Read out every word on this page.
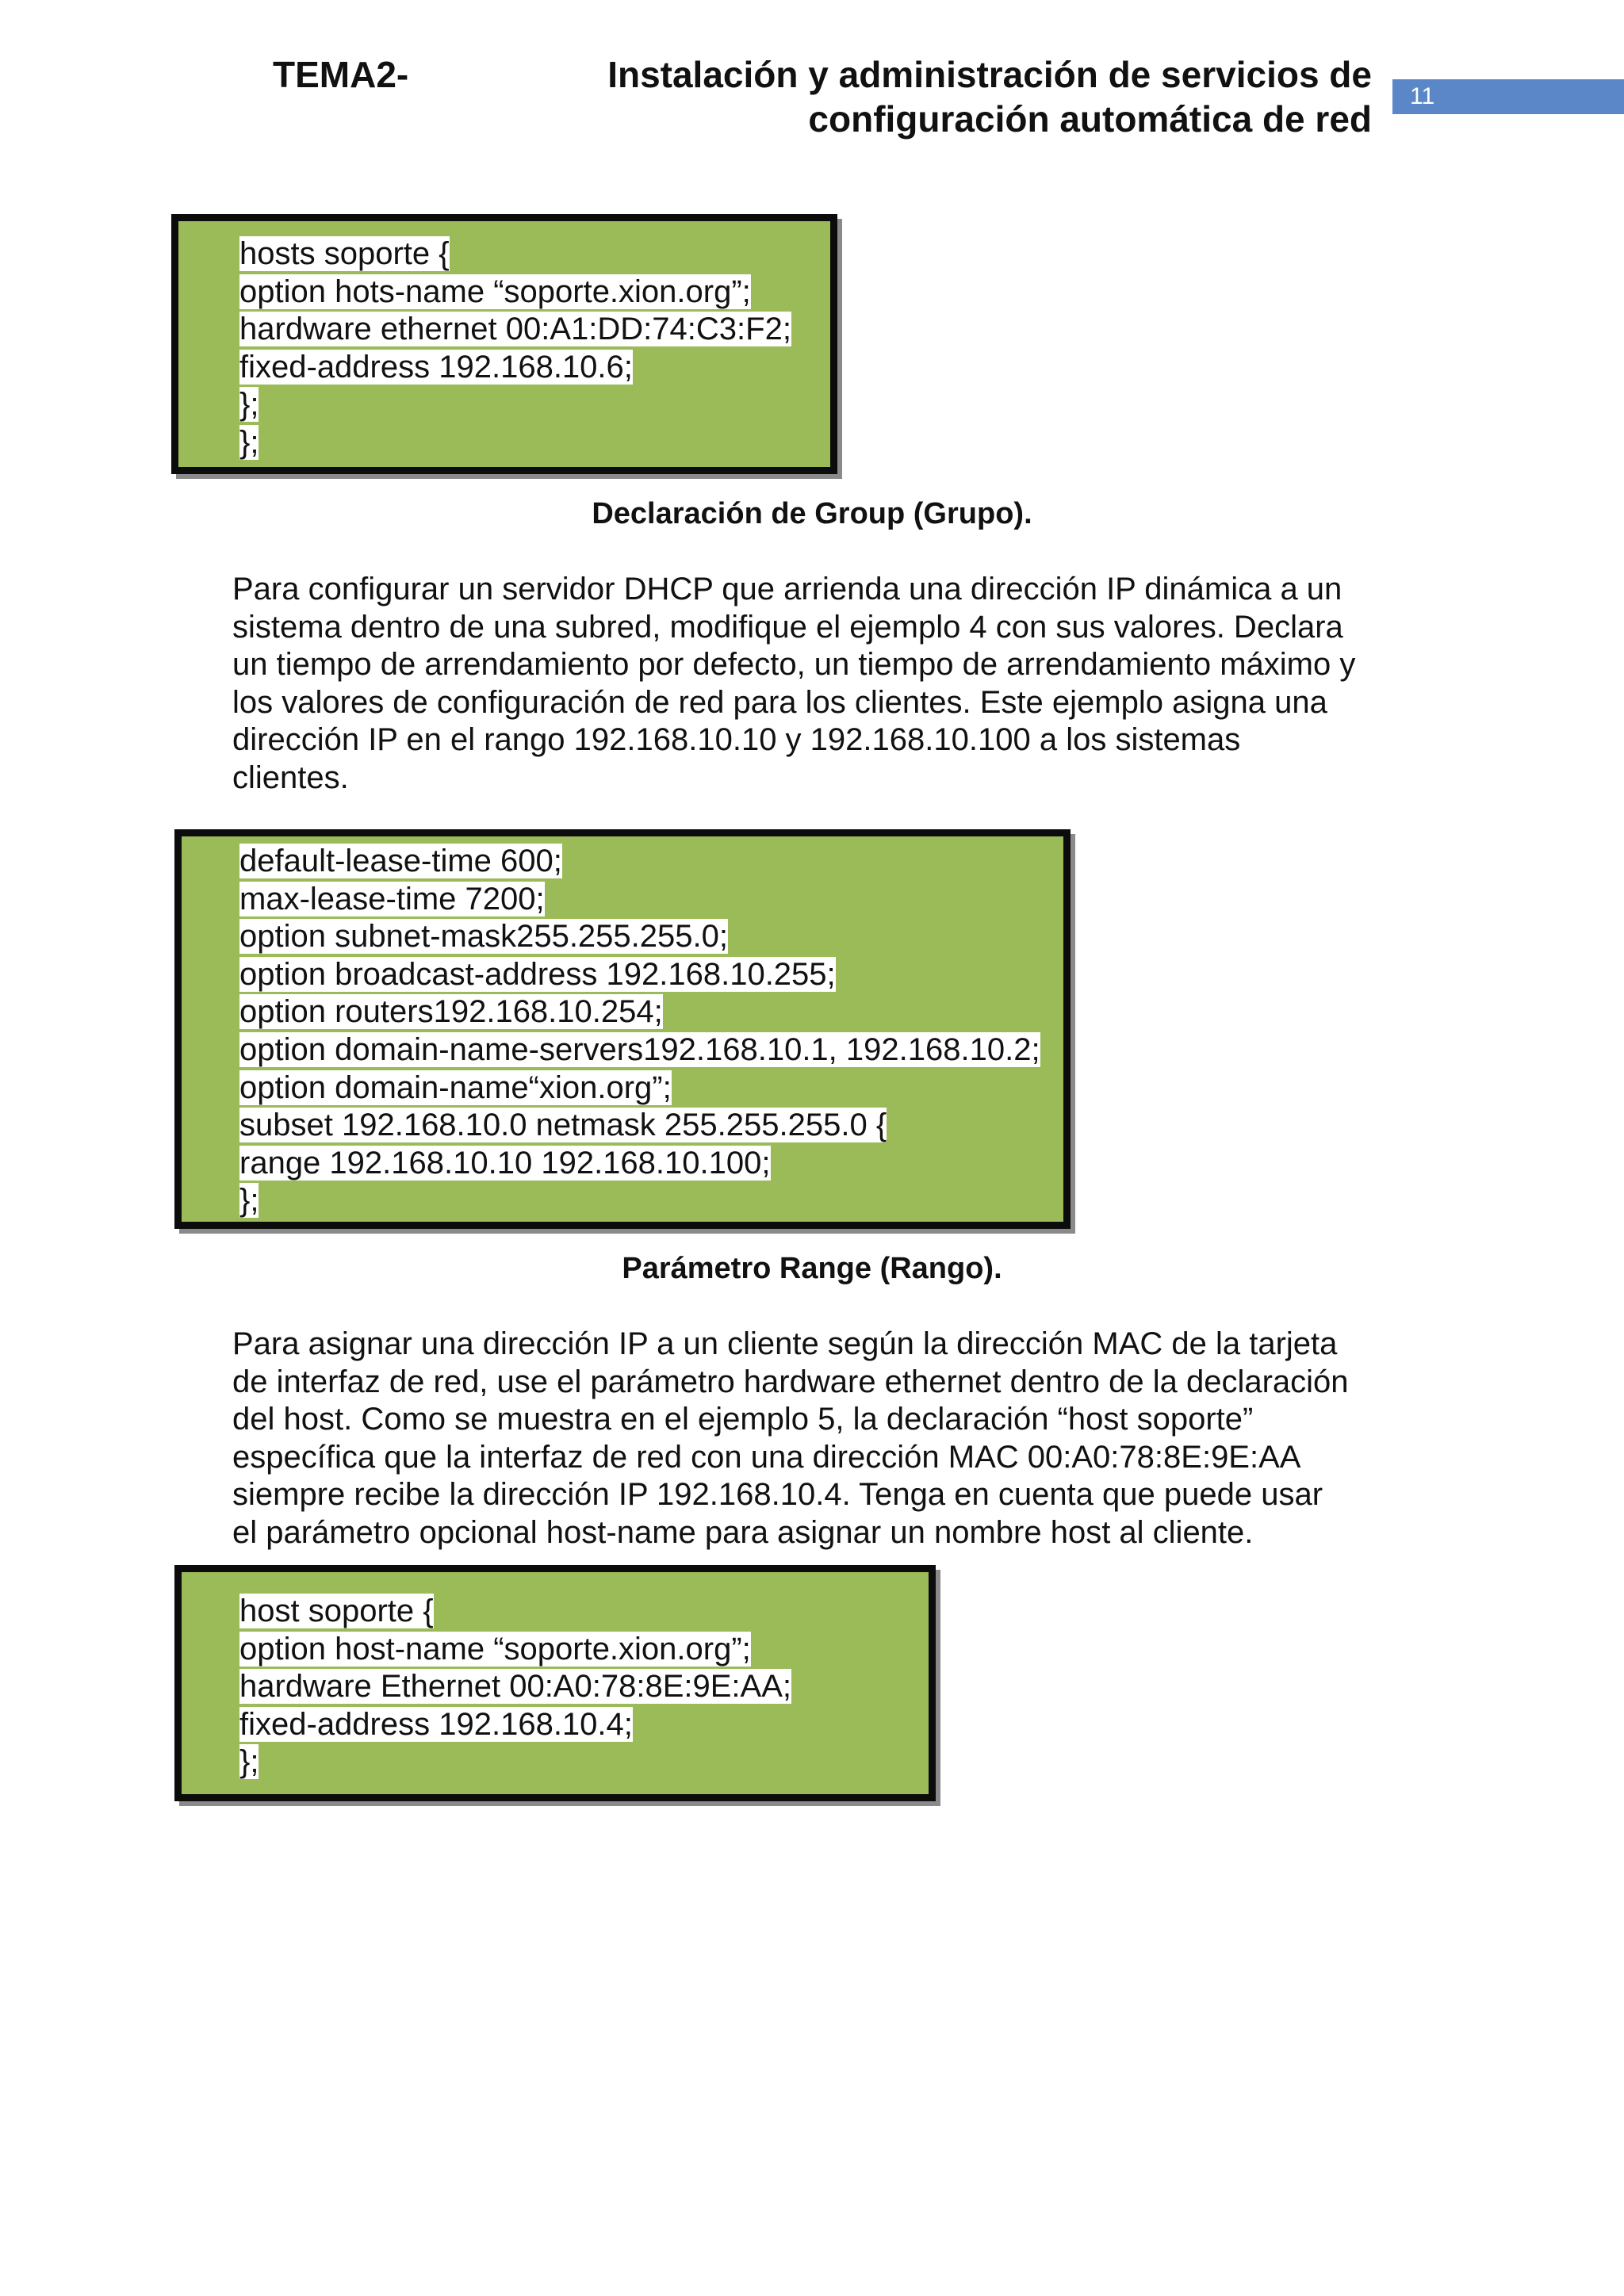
TEMA2-	Instalación y administración de servicios de
configuración automática de red
11
hosts soporte {
option hots-name “soporte.xion.org”;
hardware ethernet 00:A1:DD:74:C3:F2;
fixed-address 192.168.10.6;
};
};
Declaración de Group (Grupo).
Para configurar un servidor DHCP que arrienda una dirección IP dinámica a un
sistema dentro de una subred, modifique el ejemplo 4 con sus valores. Declara
un tiempo de arrendamiento por defecto, un tiempo de arrendamiento máximo y
los valores de configuración de red para los clientes. Este ejemplo asigna una
dirección IP en el rango 192.168.10.10 y 192.168.10.100 a los sistemas
clientes.
default-lease-time 600;
max-lease-time 7200;
option subnet-mask255.255.255.0;
option broadcast-address 192.168.10.255;
option routers192.168.10.254;
option domain-name-servers192.168.10.1, 192.168.10.2;
option domain-name“xion.org”;
subset 192.168.10.0 netmask 255.255.255.0 {
range 192.168.10.10 192.168.10.100;
};
Parámetro Range (Rango).
Para asignar una dirección IP a un cliente según la dirección MAC de la tarjeta
de interfaz de red, use el parámetro hardware ethernet dentro de la declaración
del host. Como se muestra en el ejemplo 5, la declaración “host soporte”
específica que la interfaz de red con una dirección MAC 00:A0:78:8E:9E:AA
siempre recibe la dirección IP 192.168.10.4. Tenga en cuenta que puede usar
el parámetro opcional host-name para asignar un nombre host al cliente.
host soporte {
option host-name “soporte.xion.org”;
hardware Ethernet 00:A0:78:8E:9E:AA;
fixed-address 192.168.10.4;
};
